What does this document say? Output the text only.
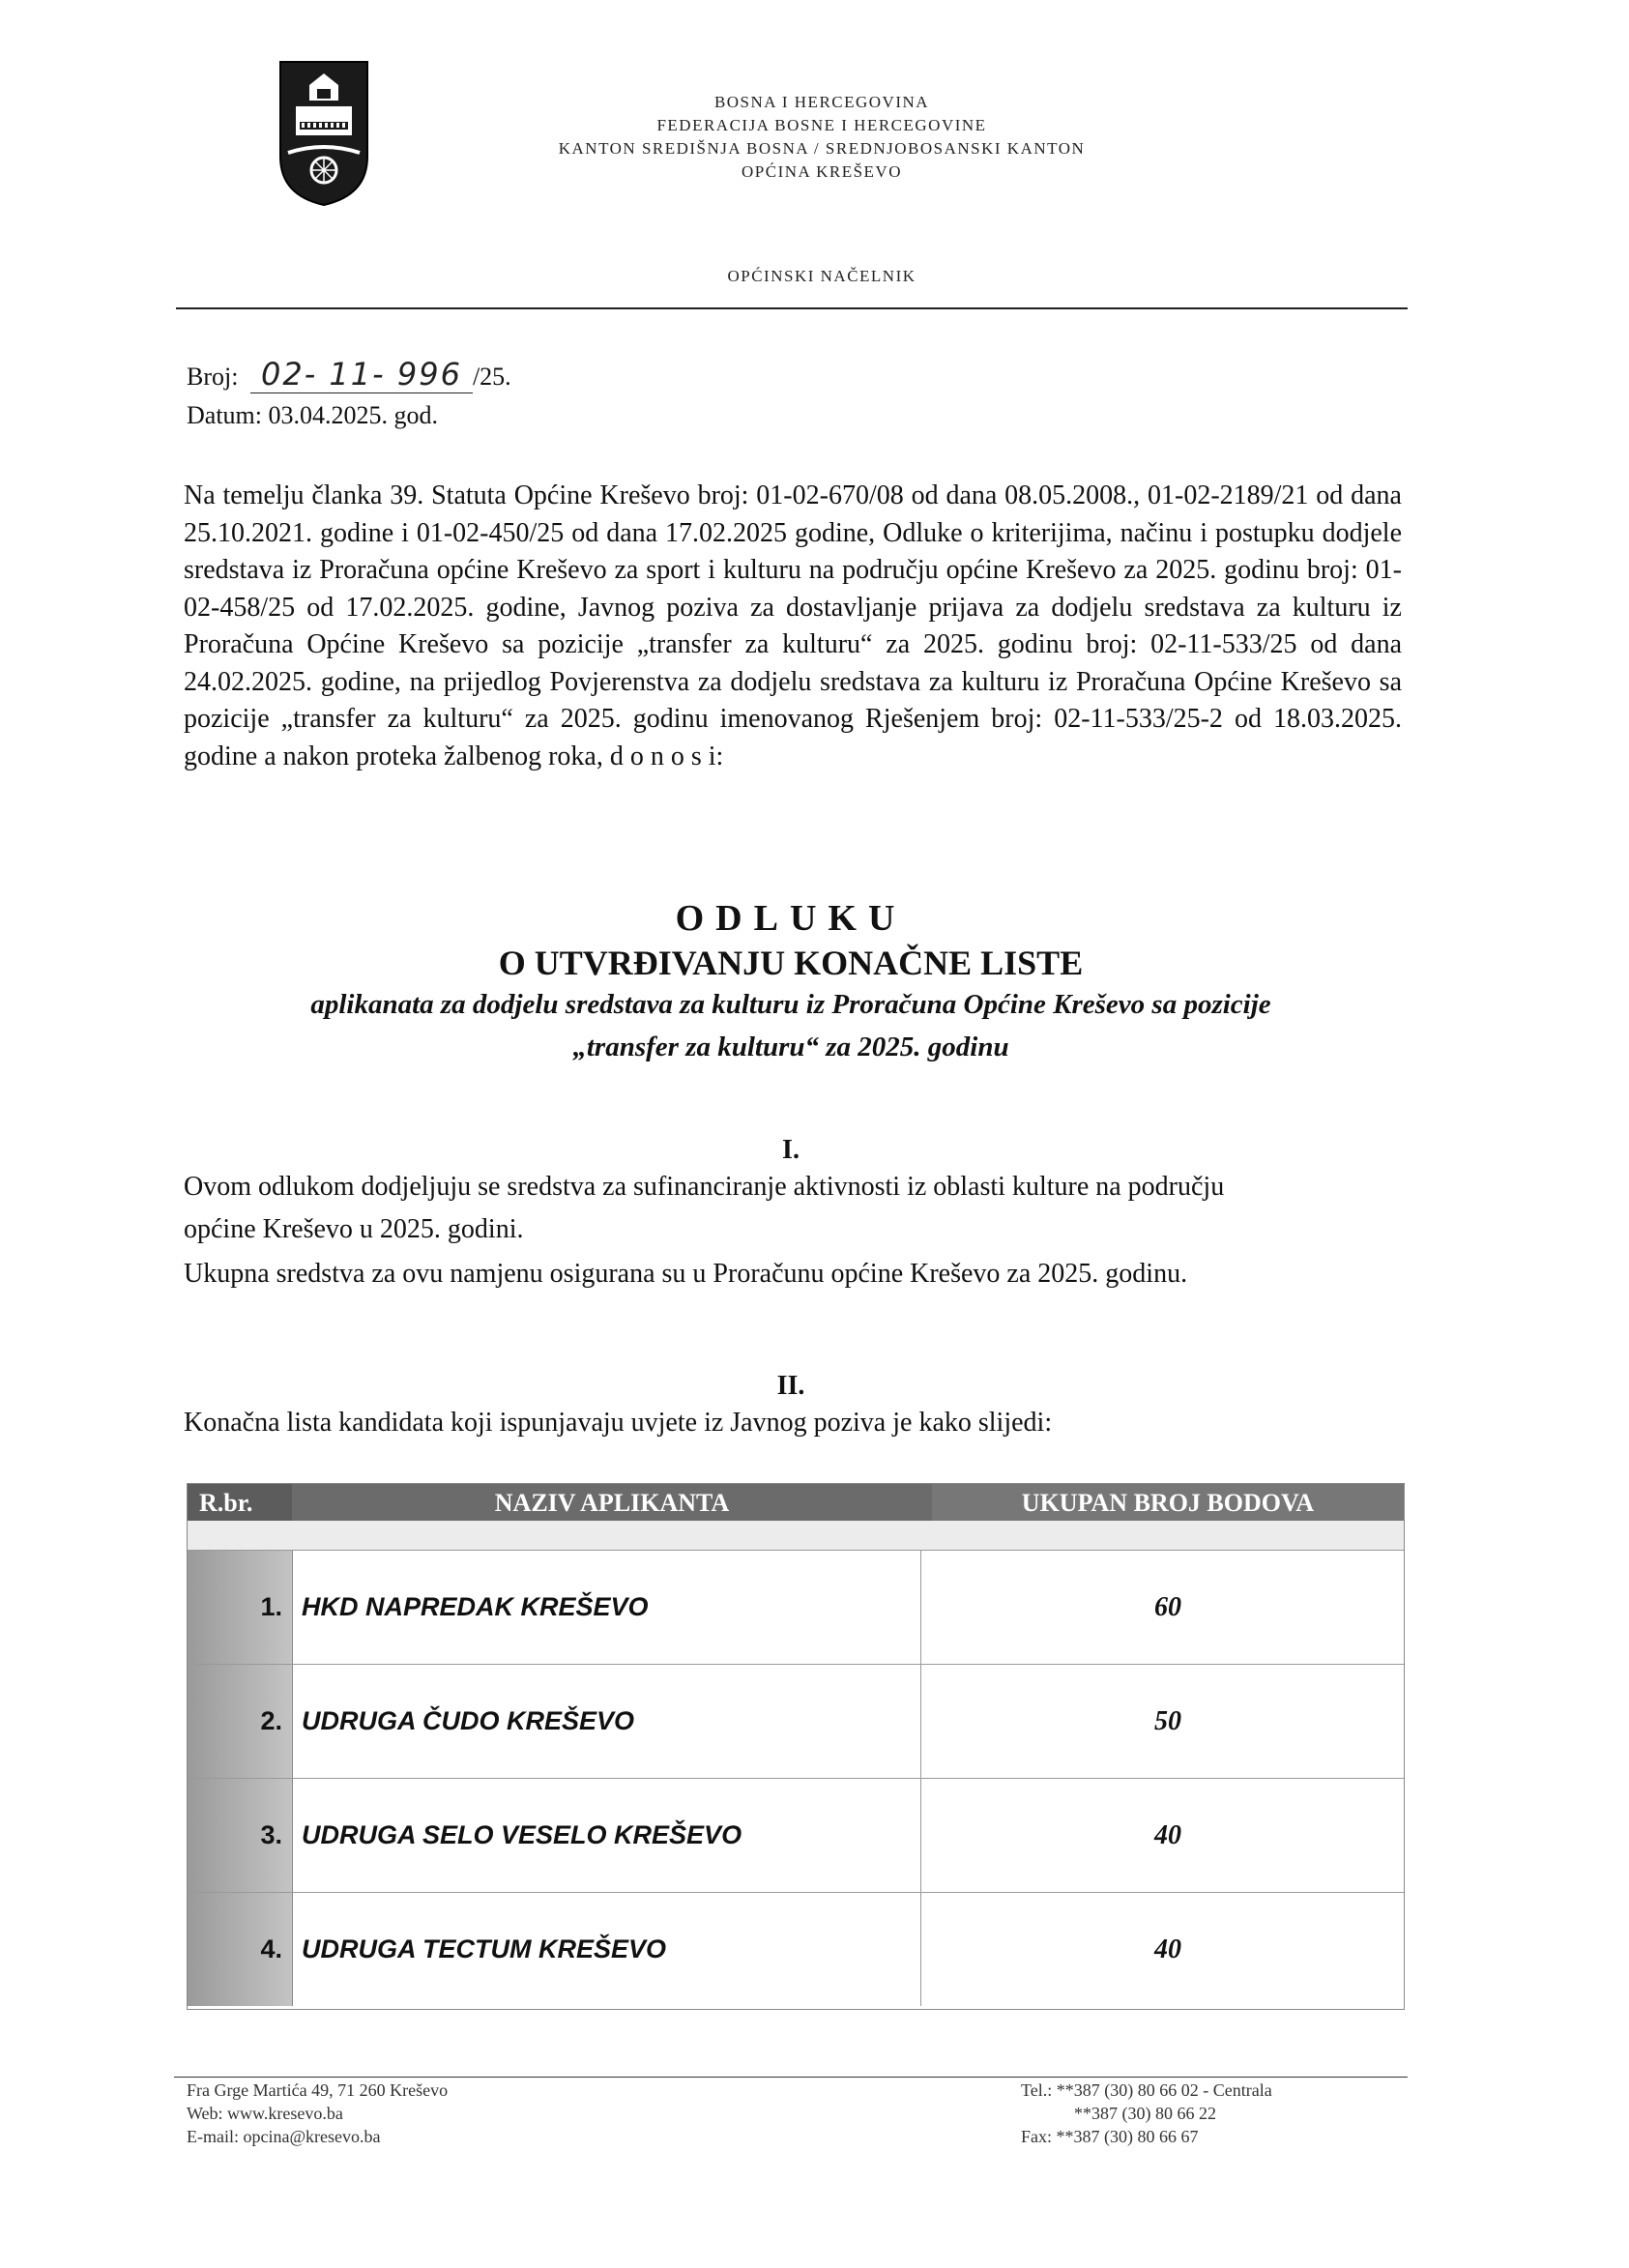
BOSNA I HERCEGOVINA
FEDERACIJA BOSNE I HERCEGOVINE
KANTON SREDIŠNJA BOSNA / SREDNJOBOSANSKI KANTON
OPĆINA KREŠEVO
OPĆINSKI NAČELNIK
Broj: 02- 11- 996 /25.
Datum: 03.04.2025. god.
Na temelju članka 39. Statuta Općine Kreševo broj: 01-02-670/08 od dana 08.05.2008., 01-02-2189/21 od dana 25.10.2021. godine i 01-02-450/25 od dana 17.02.2025 godine, Odluke o kriterijima, načinu i postupku dodjele sredstava iz Proračuna općine Kreševo za sport i kulturu na području općine Kreševo za 2025. godinu broj: 01-02-458/25 od 17.02.2025. godine, Javnog poziva za dostavljanje prijava za dodjelu sredstava za kulturu iz Proračuna Općine Kreševo sa pozicije „transfer za kulturu“ za 2025. godinu broj: 02-11-533/25 od dana 24.02.2025. godine, na prijedlog Povjerenstva za dodjelu sredstava za kulturu iz Proračuna Općine Kreševo sa pozicije „transfer za kulturu“ za 2025. godinu imenovanog Rješenjem broj: 02-11-533/25-2 od 18.03.2025. godine a nakon proteka žalbenog roka, d o n o s i:
ODLUKU
O UTVRĐIVANJU KONAČNE LISTE
aplikanata za dodjelu sredstava za kulturu iz Proračuna Općine Kreševo sa pozicije
„transfer za kulturu“ za 2025. godinu
I.
Ovom odlukom dodjeljuju se sredstva za sufinanciranje aktivnosti iz oblasti kulture na području
općine Kreševo u 2025. godini.
Ukupna sredstva za ovu namjenu osigurana su u Proračunu općine Kreševo za 2025. godinu.
II.
Konačna lista kandidata koji ispunjavaju uvjete iz Javnog poziva je kako slijedi:
R.br.	NAZIV APLIKANTA	UKUPAN BROJ BODOVA
1. HKD NAPREDAK KREŠEVO	60
2. UDRUGA ČUDO KREŠEVO	50
3. UDRUGA SELO VESELO KREŠEVO	40
4. UDRUGA TECTUM KREŠEVO	40
Fra Grge Martića 49, 71 260 Kreševo
Web: www.kresevo.ba
E-mail: opcina@kresevo.ba
Tel.: **387 (30) 80 66 02 - Centrala
**387 (30) 80 66 22
Fax: **387 (30) 80 66 67
